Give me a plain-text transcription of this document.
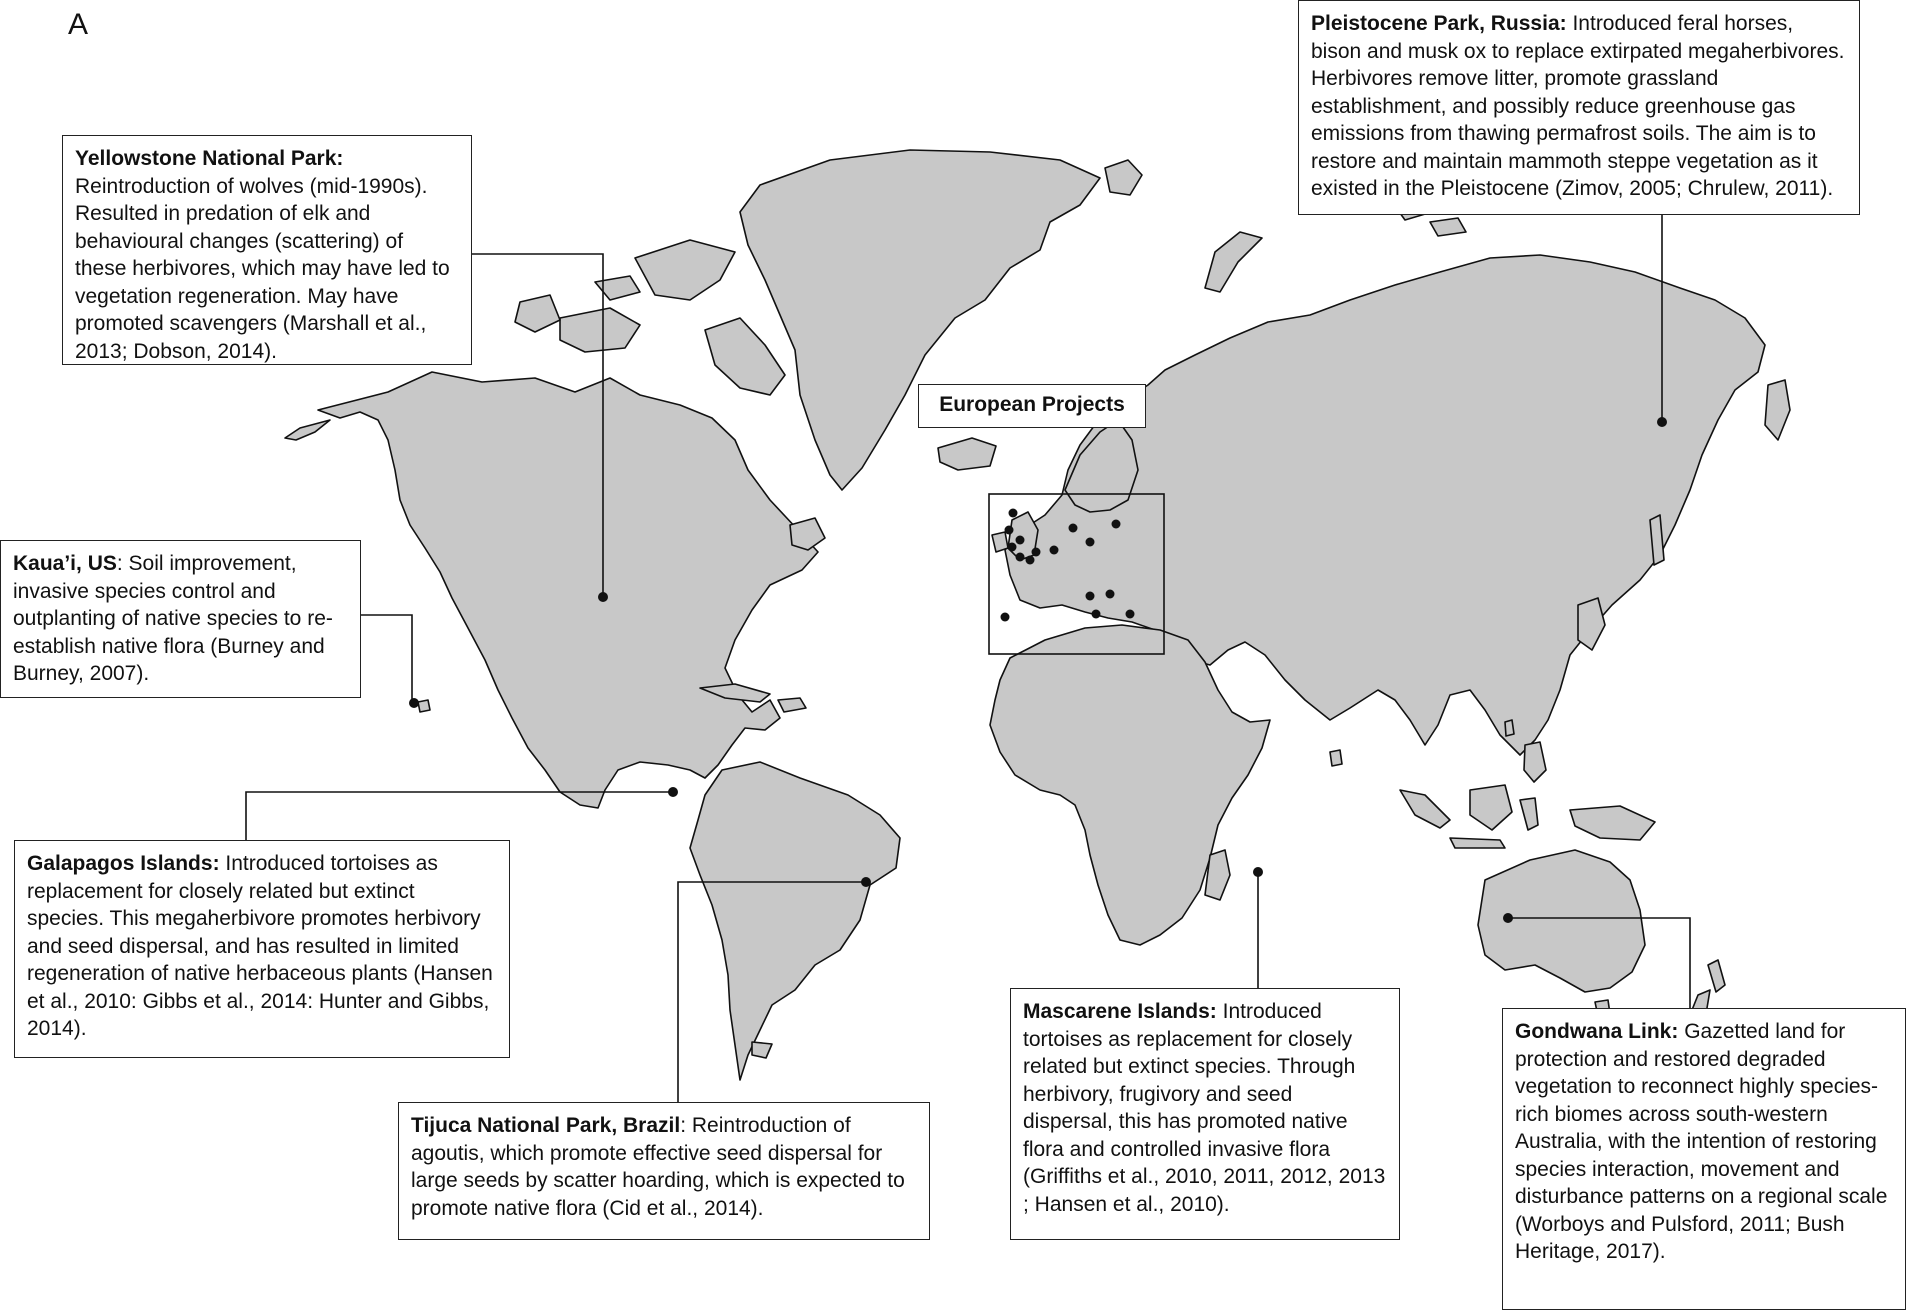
A
European Projects
Yellowstone National Park:
Reintroduction of wolves (mid-1990s). Resulted in predation of elk and behavioural changes (scattering) of these herbivores, which may have led to vegetation regeneration. May have promoted scavengers (Marshall et al., 2013; Dobson, 2014).
Pleistocene Park, Russia: Introduced feral horses, bison and musk ox to replace extirpated megaherbivores. Herbivores remove litter, promote grassland establishment, and possibly reduce greenhouse gas emissions from thawing permafrost soils. The aim is to restore and maintain mammoth steppe vegetation as it existed in the Pleistocene (Zimov, 2005; Chrulew, 2011).
Kaua’i, US: Soil improvement, invasive species control and outplanting of native species to re-establish native flora (Burney and Burney, 2007).
Galapagos Islands: Introduced tortoises as replacement for closely related but extinct species. This megaherbivore promotes herbivory and seed dispersal, and has resulted in limited regeneration of native herbaceous plants (Hansen et al., 2010: Gibbs et al., 2014: Hunter and Gibbs, 2014).
Tijuca National Park, Brazil: Reintroduction of agoutis, which promote effective seed dispersal for large seeds by scatter hoarding, which is expected to promote native flora (Cid et al., 2014).
Mascarene Islands: Introduced tortoises as replacement for closely related but extinct species. Through herbivory, frugivory and seed dispersal, this has promoted native flora and controlled invasive flora (Griffiths et al., 2010, 2011, 2012, 2013 ; Hansen et al., 2010).
Gondwana Link: Gazetted land for protection and restored degraded vegetation to reconnect highly species-rich biomes across south-western Australia, with the intention of restoring species interaction, movement and disturbance patterns on a regional scale (Worboys and Pulsford, 2011; Bush Heritage, 2017).
